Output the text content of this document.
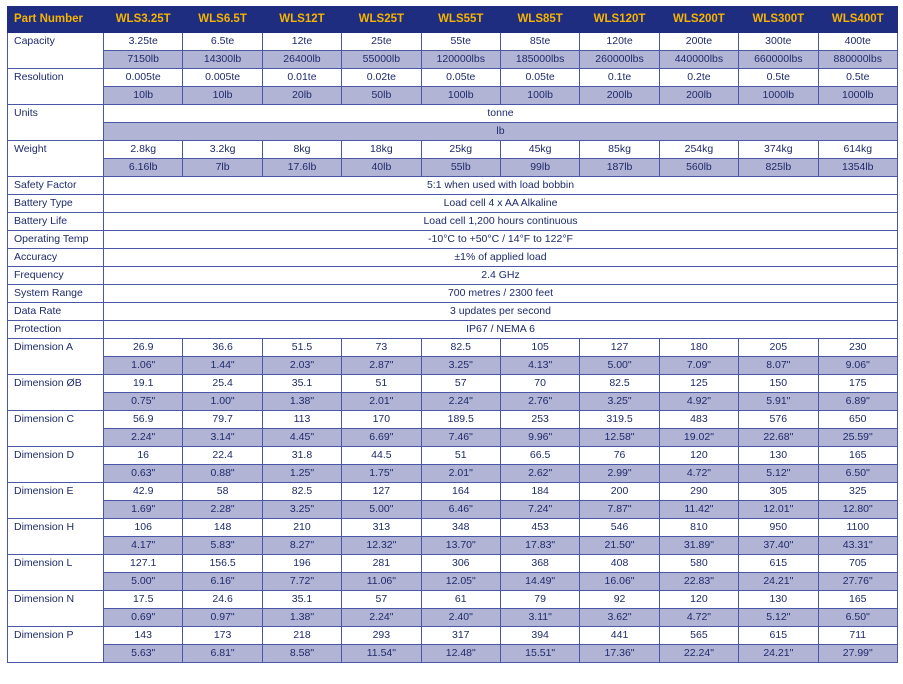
Part Number	WLS3.25T	WLS6.5T	WLS12T	WLS25T	WLS55T	WLS85T	WLS120T	WLS200T	WLS300T	WLS400T
Capacity	3.25te	6.5te	12te	25te	55te	85te	120te	200te	300te	400te
	7150lb	14300lb	26400lb	55000lb	120000lbs	185000lbs	260000lbs	440000lbs	660000lbs	880000lbs
Resolution	0.005te	0.005te	0.01te	0.02te	0.05te	0.05te	0.1te	0.2te	0.5te	0.5te
	10lb	10lb	20lb	50lb	100lb	100lb	200lb	200lb	1000lb	1000lb
Units	tonne									
	lb									
Weight	2.8kg	3.2kg	8kg	18kg	25kg	45kg	85kg	254kg	374kg	614kg
	6.16lb	7lb	17.6lb	40lb	55lb	99lb	187lb	560lb	825lb	1354lb
Safety Factor	5:1 when used with load bobbin									
Battery Type	Load cell 4 x AA Alkaline									
Battery Life	Load cell 1,200 hours continuous									
Operating Temp	-10°C to +50°C / 14°F to 122°F									
Accuracy	±1% of applied load									
Frequency	2.4 GHz									
System Range	700 metres / 2300 feet									
Data Rate	3 updates per second									
Protection	IP67 / NEMA 6									
Dimension A	26.9	36.6	51.5	73	82.5	105	127	180	205	230
	1.06"	1.44"	2.03"	2.87"	3.25"	4.13"	5.00"	7.09"	8.07"	9.06"
Dimension ØB	19.1	25.4	35.1	51	57	70	82.5	125	150	175
	0.75"	1.00"	1.38"	2.01"	2.24"	2.76"	3.25"	4.92"	5.91"	6.89"
Dimension C	56.9	79.7	113	170	189.5	253	319.5	483	576	650
	2.24"	3.14"	4.45"	6.69"	7.46"	9.96"	12.58"	19.02"	22.68"	25.59"
Dimension D	16	22.4	31.8	44.5	51	66.5	76	120	130	165
	0.63"	0.88"	1.25"	1.75"	2.01"	2.62"	2.99"	4.72"	5.12"	6.50"
Dimension E	42.9	58	82.5	127	164	184	200	290	305	325
	1.69"	2.28"	3.25"	5.00"	6.46"	7.24"	7.87"	11.42"	12.01"	12.80"
Dimension H	106	148	210	313	348	453	546	810	950	1100
	4.17"	5.83"	8.27"	12.32"	13.70"	17.83"	21.50"	31.89"	37.40"	43.31"
Dimension L	127.1	156.5	196	281	306	368	408	580	615	705
	5.00"	6.16"	7.72"	11.06"	12.05"	14.49"	16.06"	22.83"	24.21"	27.76"
Dimension N	17.5	24.6	35.1	57	61	79	92	120	130	165
	0.69"	0.97"	1.38"	2.24"	2.40"	3.11"	3.62"	4.72"	5.12"	6.50"
Dimension P	143	173	218	293	317	394	441	565	615	711
	5.63"	6.81"	8.58"	11.54"	12.48"	15.51"	17.36"	22.24"	24.21"	27.99"
